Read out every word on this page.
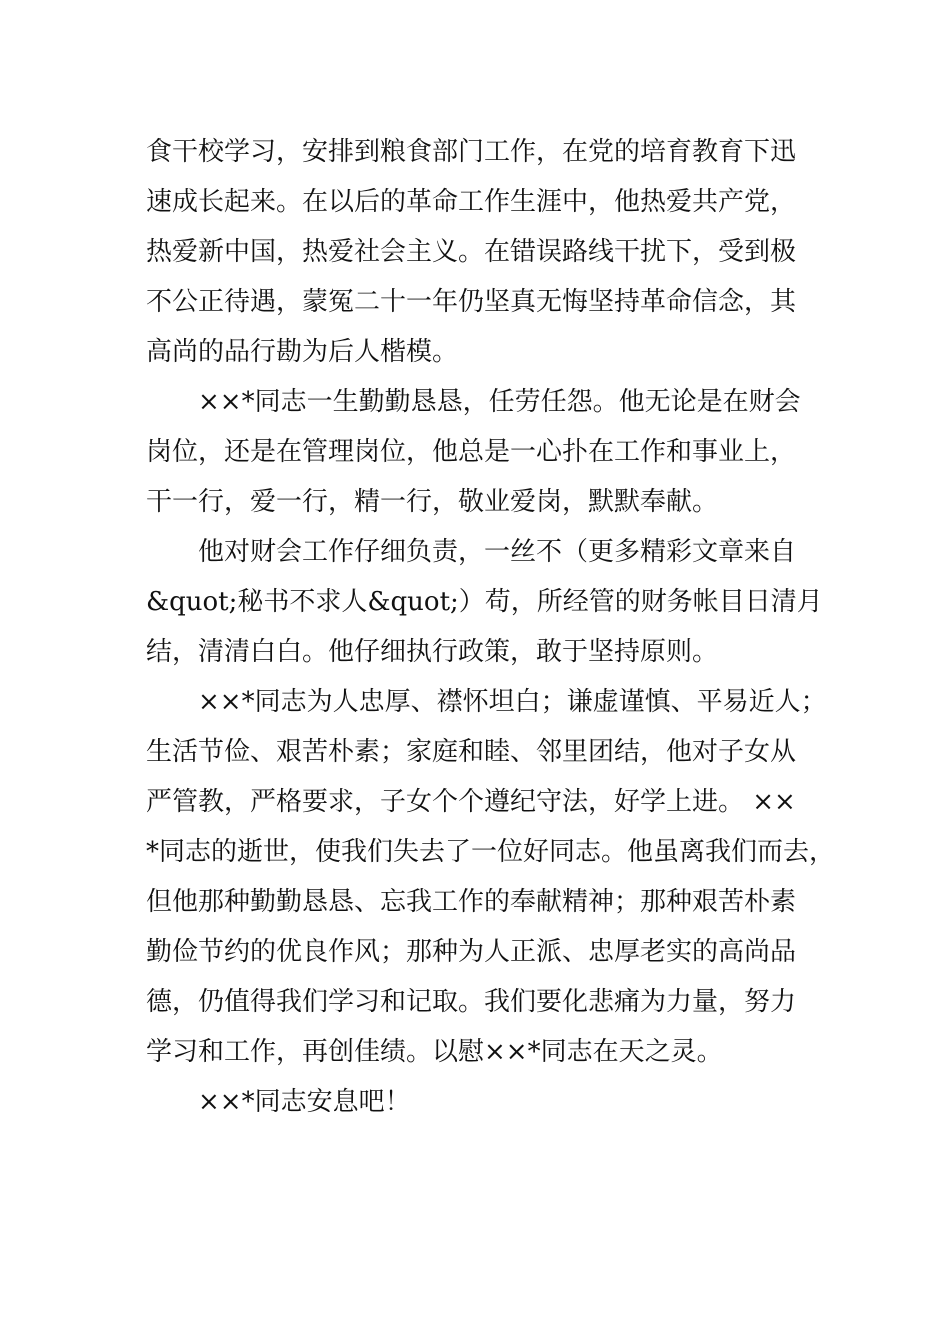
食干校学习，安排到粮食部门工作，在党的培育教育下迅
速成长起来。在以后的革命工作生涯中，他热爱共产党，
热爱新中国，热爱社会主义。在错误路线干扰下，受到极
不公正待遇，蒙冤二十一年仍坚真无悔坚持革命信念，其
高尚的品行勘为后人楷模。
××*同志一生勤勤恳恳，任劳任怨。他无论是在财会
岗位，还是在管理岗位，他总是一心扑在工作和事业上，
干一行，爱一行，精一行，敬业爱岗，默默奉献。
他对财会工作仔细负责，一丝不（更多精彩文章来自
&quot;秘书不求人&quot;）苟，所经管的财务帐目日清月
结，清清白白。他仔细执行政策，敢于坚持原则。
××*同志为人忠厚、襟怀坦白；谦虚谨慎、平易近人；
生活节俭、艰苦朴素；家庭和睦、邻里团结，他对子女从
严管教，严格要求，子女个个遵纪守法，好学上进。 ××
*同志的逝世，使我们失去了一位好同志。他虽离我们而去，
但他那种勤勤恳恳、忘我工作的奉献精神；那种艰苦朴素
勤俭节约的优良作风；那种为人正派、忠厚老实的高尚品
德，仍值得我们学习和记取。我们要化悲痛为力量，努力
学习和工作，再创佳绩。以慰××*同志在天之灵。
××*同志安息吧！
